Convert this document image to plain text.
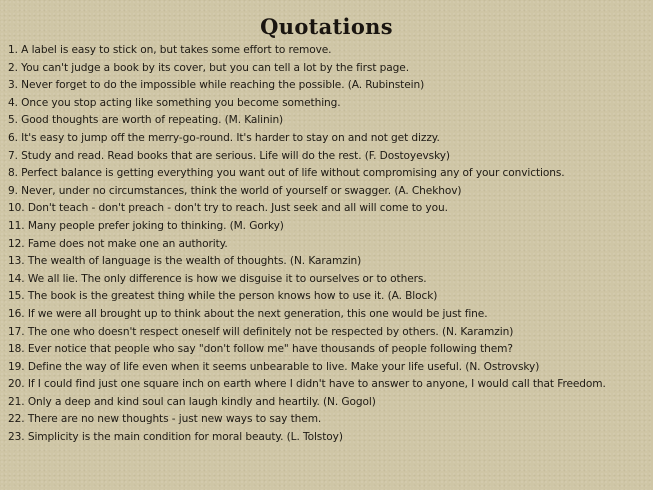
Quotations
1. A label is easy to stick on, but takes some effort to remove.
2. You can't judge a book by its cover, but you can tell a lot by the first page.
3. Never forget to do the impossible while reaching the possible. (A. Rubinstein)
4. Once you stop acting like something you become something.
5. Good thoughts are worth of repeating. (M. Kalinin)
6. It's easy to jump off the merry-go-round. It's harder to stay on and not get dizzy.
7. Study and read. Read books that are serious. Life will do the rest. (F. Dostoyevsky)
8. Perfect balance is getting everything you want out of life without compromising any of your convictions.
9. Never, under no circumstances, think the world of yourself or swagger. (A. Chekhov)
10. Don't teach - don't preach - don't try to reach. Just seek and all will come to you.
11. Many people prefer joking to thinking. (M. Gorky)
12. Fame does not make one an authority.
13. The wealth of language is the wealth of thoughts. (N. Karamzin)
14. We all lie. The only difference is how we disguise it to ourselves or to others.
15. The book is the greatest thing while the person knows how to use it. (A. Block)
16. If we were all brought up to think about the next generation, this one would be just fine.
17. The one who doesn't respect oneself will definitely not be respected by others. (N. Karamzin)
18. Ever notice that people who say "don't follow me" have thousands of people following them?
19. Define the way of life even when it seems unbearable to live. Make your life useful. (N. Ostrovsky)
20. If I could find just one square inch on earth where I didn't have to answer to anyone, I would call that Freedom.
21. Only a deep and kind soul can laugh kindly and heartily. (N. Gogol)
22. There are no new thoughts - just new ways to say them.
23. Simplicity is the main condition for moral beauty. (L. Tolstoy)
